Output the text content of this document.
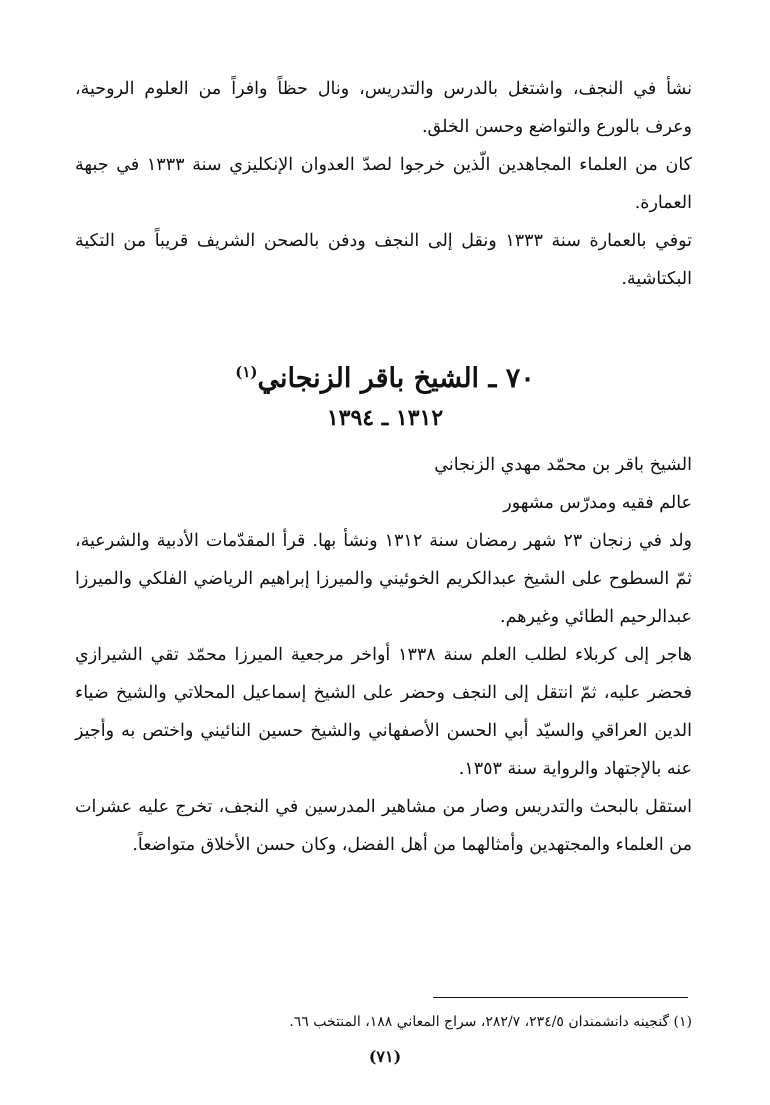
نشأ في النجف، واشتغل بالدرس والتدريس، ونال حظاً وافراً من العلوم الروحية، وعرف بالورع والتواضع وحسن الخلق.

كان من العلماء المجاهدين الّذين خرجوا لصدّ العدوان الإنكليزي سنة ١٣٣٣ في جبهة العمارة.

توفي بالعمارة سنة ١٣٣٣ ونقل إلى النجف ودفن بالصحن الشريف قريباً من التكية البكتاشية.

٧٠ ـ الشيخ باقر الزنجاني$^{(١)}$
١٣١٢ ـ ١٣٩٤

الشيخ باقر بن محمّد مهدي الزنجاني

عالم فقيه ومدرّس مشهور

ولد في زنجان ٢٣ شهر رمضان سنة ١٣١٢ ونشأ بها. قرأ المقدّمات الأدبية والشرعية، ثمّ السطوح على الشيخ عبدالكريم الخوئيني والميرزا إبراهيم الرياضي الفلكي والميرزا عبدالرحيم الطائي وغيرهم.

هاجر إلى كربلاء لطلب العلم سنة ١٣٣٨ أواخر مرجعية الميرزا محمّد تقي الشيرازي فحضر عليه، ثمّ انتقل إلى النجف وحضر على الشيخ إسماعيل المحلاتي والشيخ ضياء الدين العراقي والسيّد أبي الحسن الأصفهاني والشيخ حسين النائيني واختص به وأجيز عنه بالإجتهاد والرواية سنة ١٣٥٣.

استقل بالبحث والتدريس وصار من مشاهير المدرسين في النجف، تخرج عليه عشرات من العلماء والمجتهدين وأمثالهما من أهل الفضل، وكان حسن الأخلاق متواضعاً.

(١) گنجينه دانشمندان ٢٣٤/٥، ٢٨٢/٧، سراج المعاني ١٨٨، المنتخب ٦٦.
(٧١)
